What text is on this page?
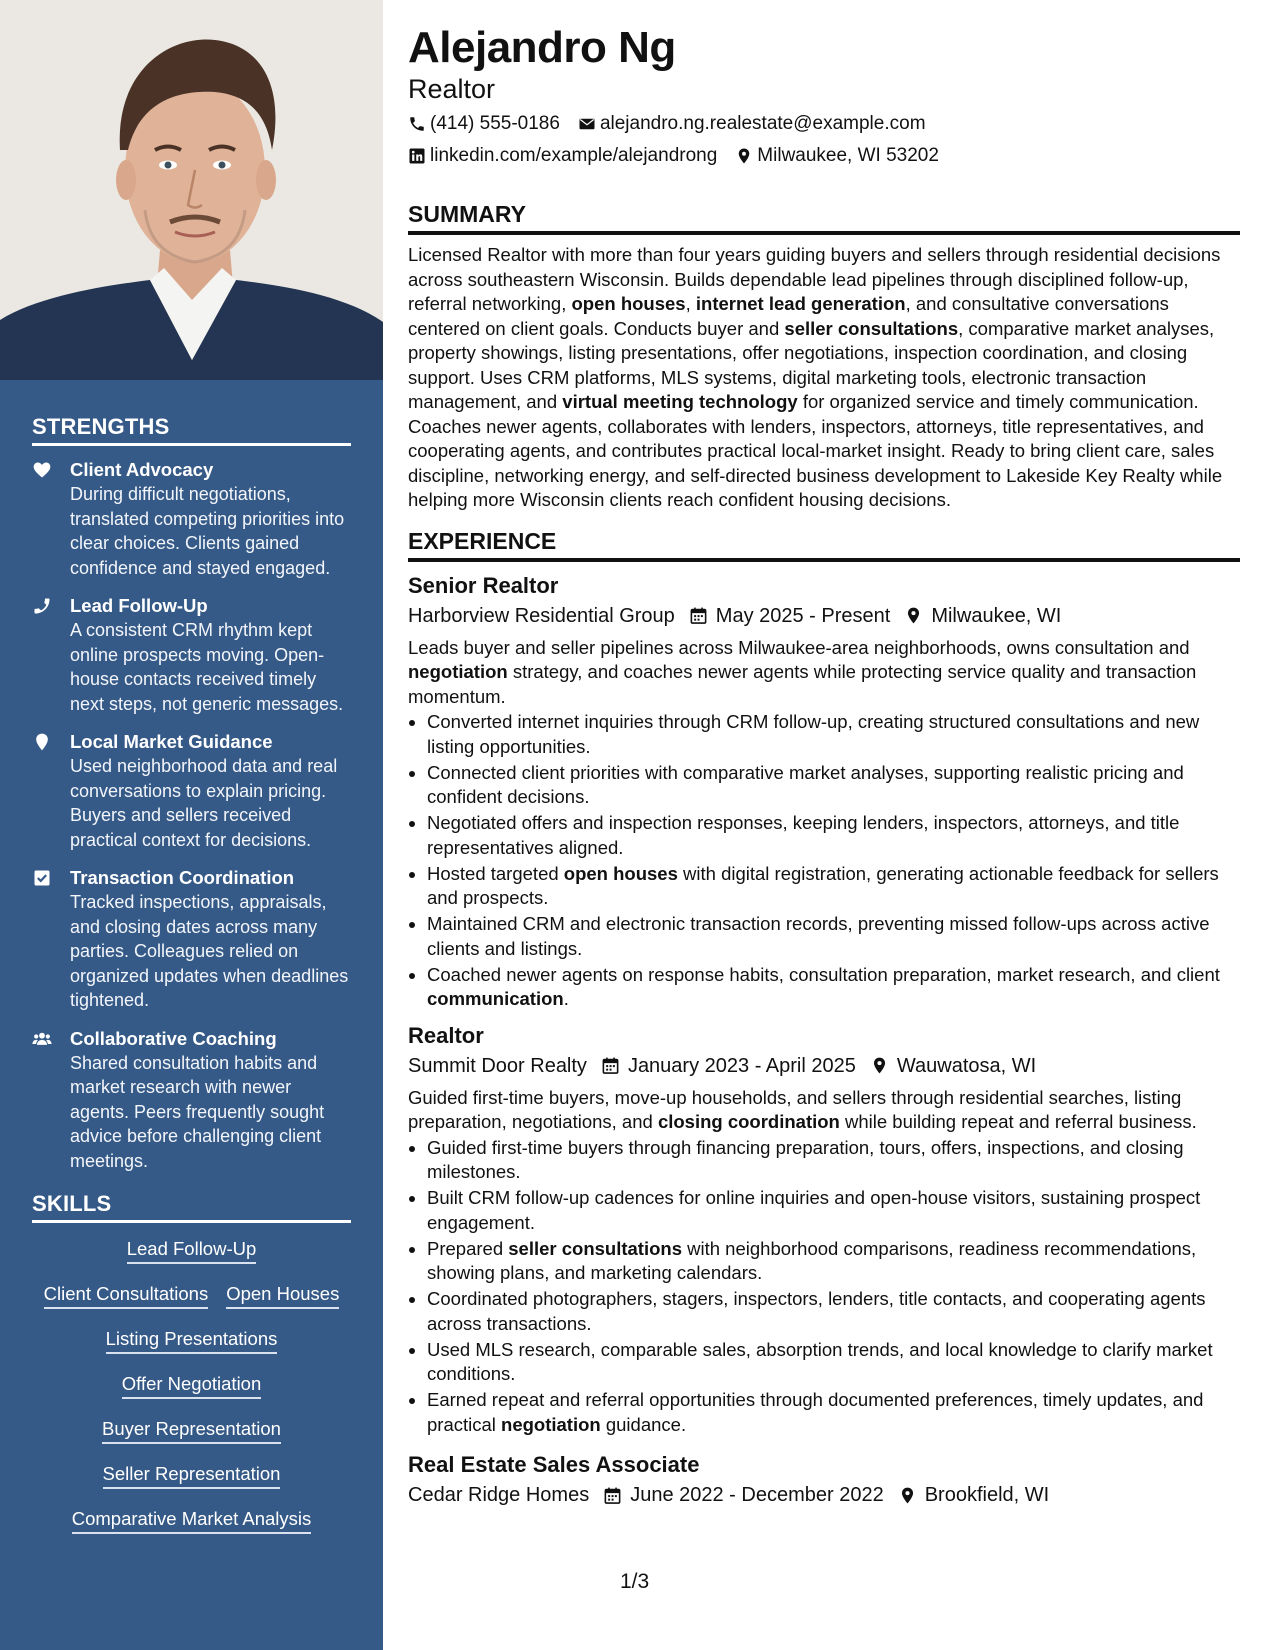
STRENGTHS
Client Advocacy
During difficult negotiations, translated competing priorities into clear choices. Clients gained confidence and stayed engaged.
Lead Follow-Up
A consistent CRM rhythm kept online prospects moving. Open-house contacts received timely next steps, not generic messages.
Local Market Guidance
Used neighborhood data and real conversations to explain pricing. Buyers and sellers received practical context for decisions.
Transaction Coordination
Tracked inspections, appraisals, and closing dates across many parties. Colleagues relied on organized updates when deadlines tightened.
Collaborative Coaching
Shared consultation habits and market research with newer agents. Peers frequently sought advice before challenging client meetings.
SKILLS
Lead Follow-Up
Client Consultations Open Houses
Listing Presentations
Offer Negotiation
Buyer Representation
Seller Representation
Comparative Market Analysis
Alejandro Ng
Realtor
(414) 555-0186 alejandro.ng.realestate@example.com
linkedin.com/example/alejandrong Milwaukee, WI 53202
SUMMARY
Licensed Realtor with more than four years guiding buyers and sellers through residential decisions across southeastern Wisconsin. Builds dependable lead pipelines through disciplined follow-up, referral networking, open houses, internet lead generation, and consultative conversations centered on client goals. Conducts buyer and seller consultations, comparative market analyses, property showings, listing presentations, offer negotiations, inspection coordination, and closing support. Uses CRM platforms, MLS systems, digital marketing tools, electronic transaction management, and virtual meeting technology for organized service and timely communication. Coaches newer agents, collaborates with lenders, inspectors, attorneys, title representatives, and cooperating agents, and contributes practical local-market insight. Ready to bring client care, sales discipline, networking energy, and self-directed business development to Lakeside Key Realty while helping more Wisconsin clients reach confident housing decisions.
EXPERIENCE
Senior Realtor
Harborview Residential Group May 2025 - Present Milwaukee, WI
Leads buyer and seller pipelines across Milwaukee-area neighborhoods, owns consultation and negotiation strategy, and coaches newer agents while protecting service quality and transaction momentum.
• Converted internet inquiries through CRM follow-up, creating structured consultations and new listing opportunities.
• Connected client priorities with comparative market analyses, supporting realistic pricing and confident decisions.
• Negotiated offers and inspection responses, keeping lenders, inspectors, attorneys, and title representatives aligned.
• Hosted targeted open houses with digital registration, generating actionable feedback for sellers and prospects.
• Maintained CRM and electronic transaction records, preventing missed follow-ups across active clients and listings.
• Coached newer agents on response habits, consultation preparation, market research, and client communication.
Realtor
Summit Door Realty January 2023 - April 2025 Wauwatosa, WI
Guided first-time buyers, move-up households, and sellers through residential searches, listing preparation, negotiations, and closing coordination while building repeat and referral business.
• Guided first-time buyers through financing preparation, tours, offers, inspections, and closing milestones.
• Built CRM follow-up cadences for online inquiries and open-house visitors, sustaining prospect engagement.
• Prepared seller consultations with neighborhood comparisons, readiness recommendations, showing plans, and marketing calendars.
• Coordinated photographers, stagers, inspectors, lenders, title contacts, and cooperating agents across transactions.
• Used MLS research, comparable sales, absorption trends, and local knowledge to clarify market conditions.
• Earned repeat and referral opportunities through documented preferences, timely updates, and practical negotiation guidance.
Real Estate Sales Associate
Cedar Ridge Homes June 2022 - December 2022 Brookfield, WI
1/3
